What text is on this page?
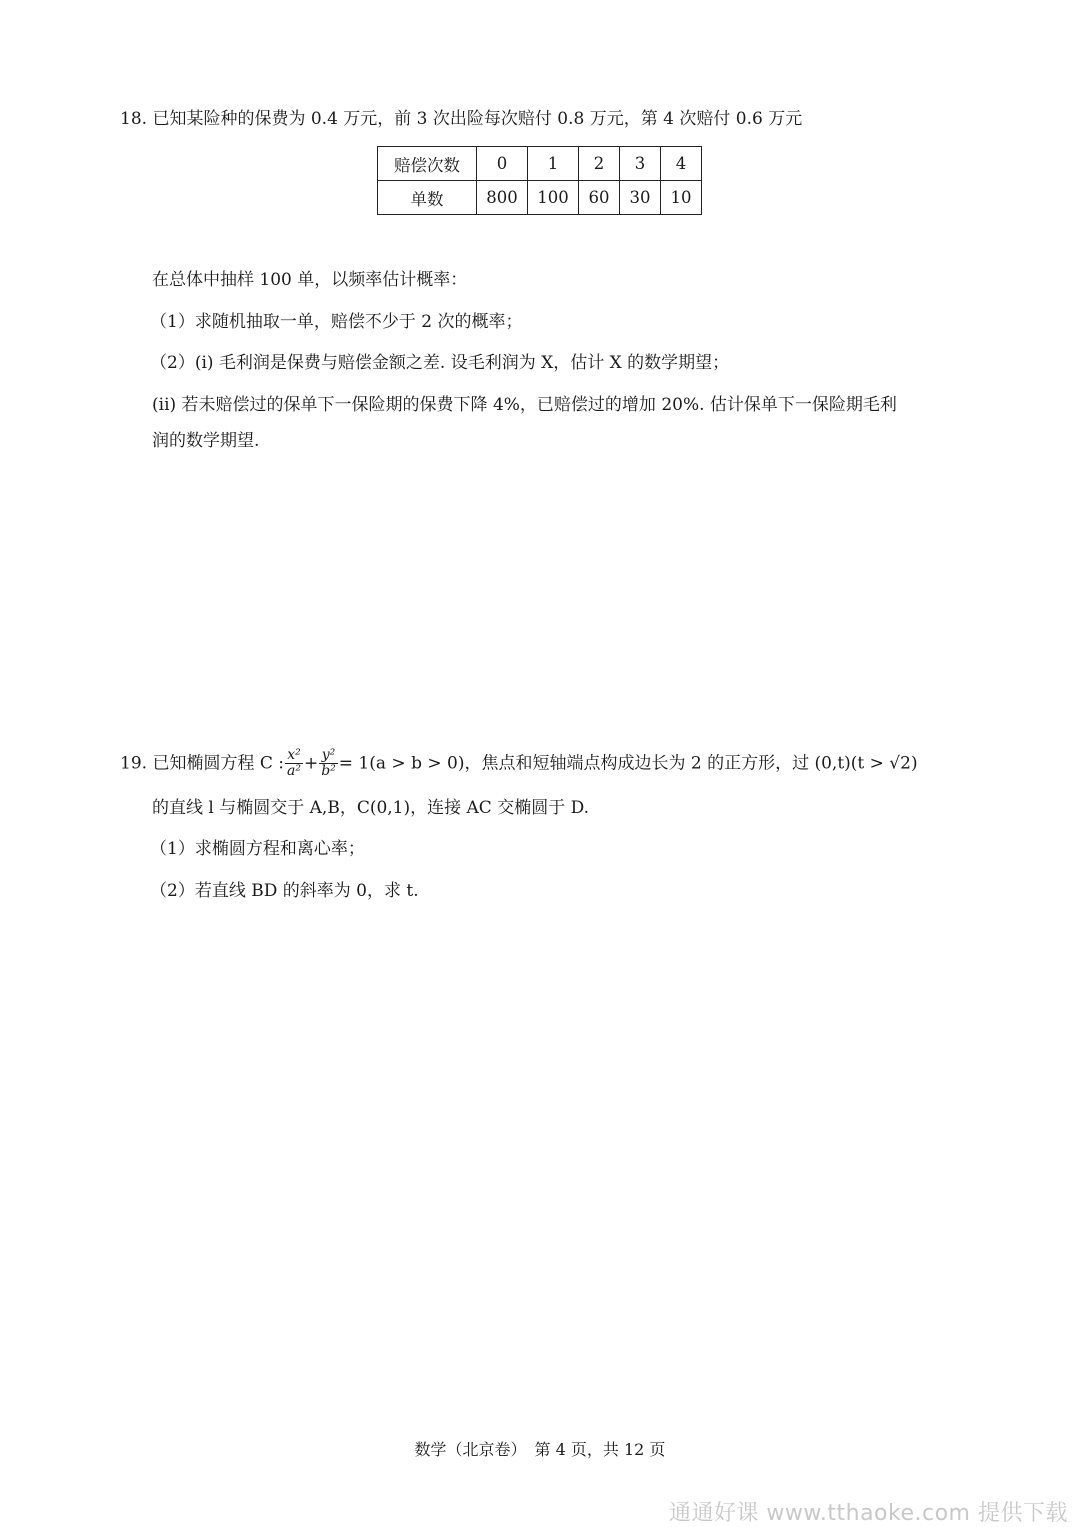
18. 已知某险种的保费为 0.4 万元，前 3 次出险每次赔付 0.8 万元，第 4 次赔付 0.6 万元
赔偿次数	0	1	2	3	4
单数	800	100	60	30	10
在总体中抽样 100 单，以频率估计概率：
（1）求随机抽取一单，赔偿不少于 2 次的概率；
（2）(i) 毛利润是保费与赔偿金额之差. 设毛利润为 X，估计 X 的数学期望；
(ii) 若未赔偿过的保单下一保险期的保费下降 4%，已赔偿过的增加 20%. 估计保单下一保险期毛利
润的数学期望.
19. 已知椭圆方程 C : $\frac{\text{x²}}{\text{a²}} + \frac{\text{y²}}{\text{b²}} = 1(a > b > 0)$，焦点和短轴端点构成边长为 2 的正方形，过 (0,t)(t > √2)
的直线 l 与椭圆交于 A,B，C(0,1)，连接 AC 交椭圆于 D.
（1）求椭圆方程和离心率；
（2）若直线 BD 的斜率为 0，求 t.
数学（北京卷）　第 4 页，共 12 页
通通好课 www.tthaoke.com 提供下载
